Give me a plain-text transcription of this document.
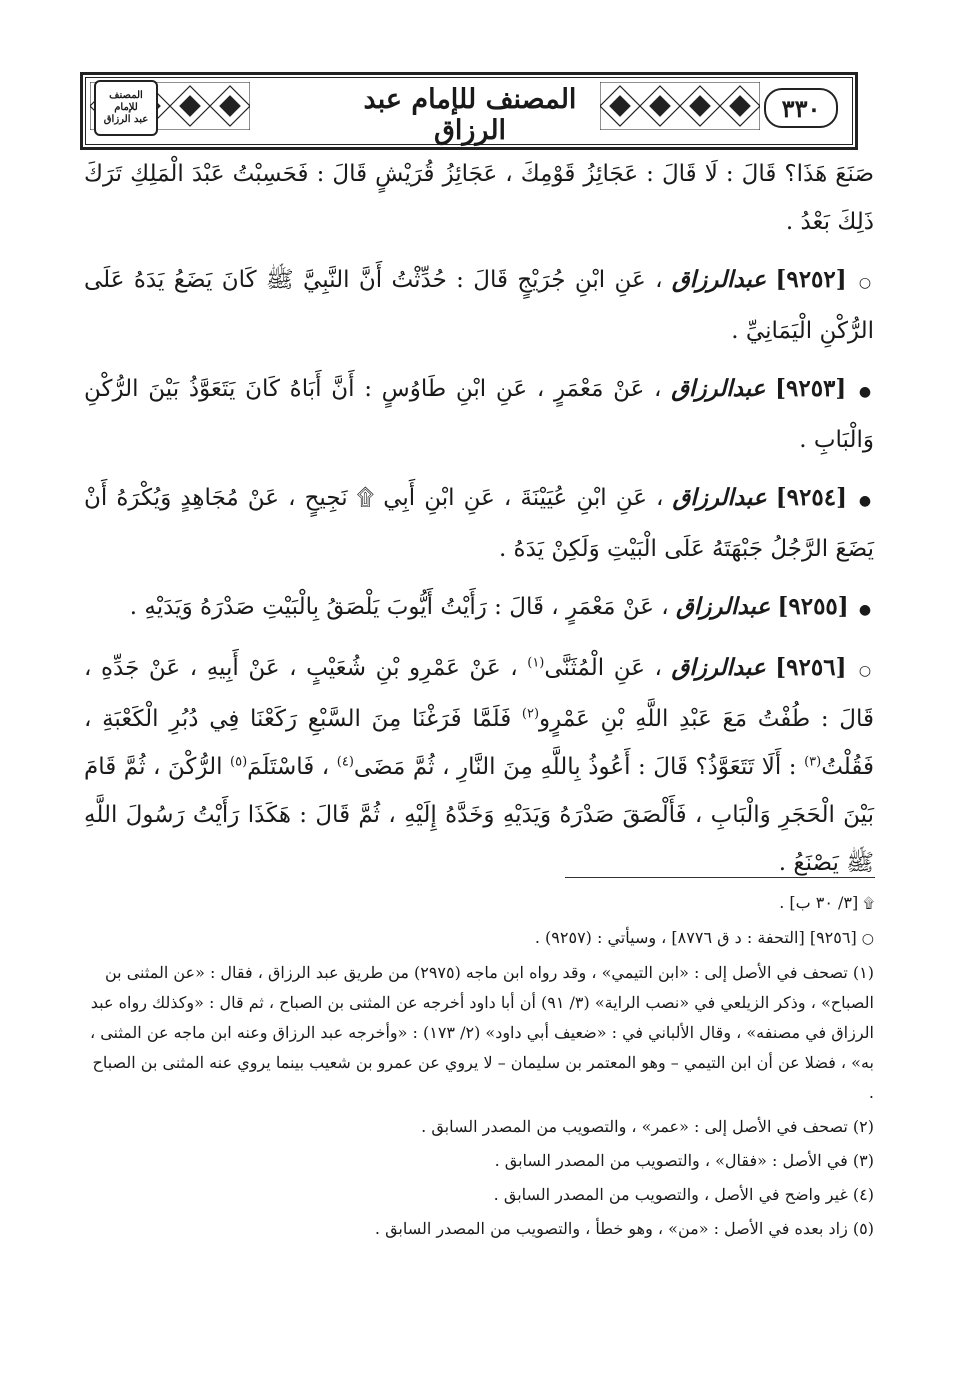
المصنف للإمام عبد الرزاق
٣٣٠
المصنف
للإمام
عبد الرزاق

صَنَعَ هَذَا؟ قَالَ : لَا قَالَ : عَجَائِزُ قَوْمِكَ ، عَجَائِزُ قُرَيْشٍ قَالَ : فَحَسِبْتُ عَبْدَ الْمَلِكِ تَرَكَ ذَلِكَ بَعْدُ .

○ [٩٢٥٢] عبدالرزاق ، عَنِ ابْنِ جُرَيْجٍ قَالَ : حُدِّثْتُ أَنَّ النَّبِيَّ ﷺ كَانَ يَضَعُ يَدَهُ عَلَى الرُّكْنِ الْيَمَانِيِّ .

● [٩٢٥٣] عبدالرزاق ، عَنْ مَعْمَرٍ ، عَنِ ابْنِ طَاوُسٍ : أَنَّ أَبَاهُ كَانَ يَتَعَوَّذُ بَيْنَ الرُّكْنِ وَالْبَابِ .

● [٩٢٥٤] عبدالرزاق ، عَنِ ابْنِ عُيَيْنَةَ ، عَنِ ابْنِ أَبِي ۩ نَجِيحٍ ، عَنْ مُجَاهِدٍ وَيُكْرَهُ أَنْ يَضَعَ الرَّجُلُ جَبْهَتَهُ عَلَى الْبَيْتِ وَلَكِنْ يَدَهُ .

● [٩٢٥٥] عبدالرزاق ، عَنْ مَعْمَرٍ ، قَالَ : رَأَيْتُ أَيُّوبَ يَلْصَقُ بِالْبَيْتِ صَدْرَهُ وَيَدَيْهِ .

○ [٩٢٥٦] عبدالرزاق ، عَنِ الْمُثَنَّى$^{(١)}$ ، عَنْ عَمْرِو بْنِ شُعَيْبٍ ، عَنْ أَبِيهِ ، عَنْ جَدِّهِ ، قَالَ : طُفْتُ مَعَ عَبْدِ اللَّهِ بْنِ عَمْرٍو$^{(٢)}$ فَلَمَّا فَرَغْنَا مِنَ السَّبْعِ رَكَعْنَا فِي دُبُرِ الْكَعْبَةِ ، فَقُلْتُ$^{(٣)}$ : أَلَا تَتَعَوَّذُ؟ قَالَ : أَعُوذُ بِاللَّهِ مِنَ النَّارِ ، ثُمَّ مَضَى$^{(٤)}$ ، فَاسْتَلَمَ$^{(٥)}$ الرُّكْنَ ، ثُمَّ قَامَ بَيْنَ الْحَجَرِ وَالْبَابِ ، فَأَلْصَقَ صَدْرَهُ وَيَدَيْهِ وَخَدَّهُ إِلَيْهِ ، ثُمَّ قَالَ : هَكَذَا رَأَيْتُ رَسُولَ اللَّهِ ﷺ يَصْنَعُ .

۩ [٣/ ٣٠ ب] .

○ [٩٢٥٦] [التحفة : د ق ٨٧٧٦] ، وسيأتي : (٩٢٥٧) .

(١) تصحف في الأصل إلى : «ابن التيمي» ، وقد رواه ابن ماجه (٢٩٧٥) من طريق عبد الرزاق ، فقال : «عن المثنى بن الصباح» ، وذكر الزيلعي في «نصب الراية» (٣/ ٩١) أن أبا داود أخرجه عن المثنى بن الصباح ، ثم قال : «وكذلك رواه عبد الرزاق في مصنفه» ، وقال الألباني في : «ضعيف أبي داود» (٢/ ١٧٣) : «وأخرجه عبد الرزاق وعنه ابن ماجه عن المثنى ، به» ، فضلا عن أن ابن التيمي – وهو المعتمر بن سليمان – لا يروي عن عمرو بن شعيب بينما يروي عنه المثنى بن الصباح .

(٢) تصحف في الأصل إلى : «عمر» ، والتصويب من المصدر السابق .

(٣) في الأصل : «فقال» ، والتصويب من المصدر السابق .

(٤) غير واضح في الأصل ، والتصويب من المصدر السابق .

(٥) زاد بعده في الأصل : «من» ، وهو خطأ ، والتصويب من المصدر السابق .
